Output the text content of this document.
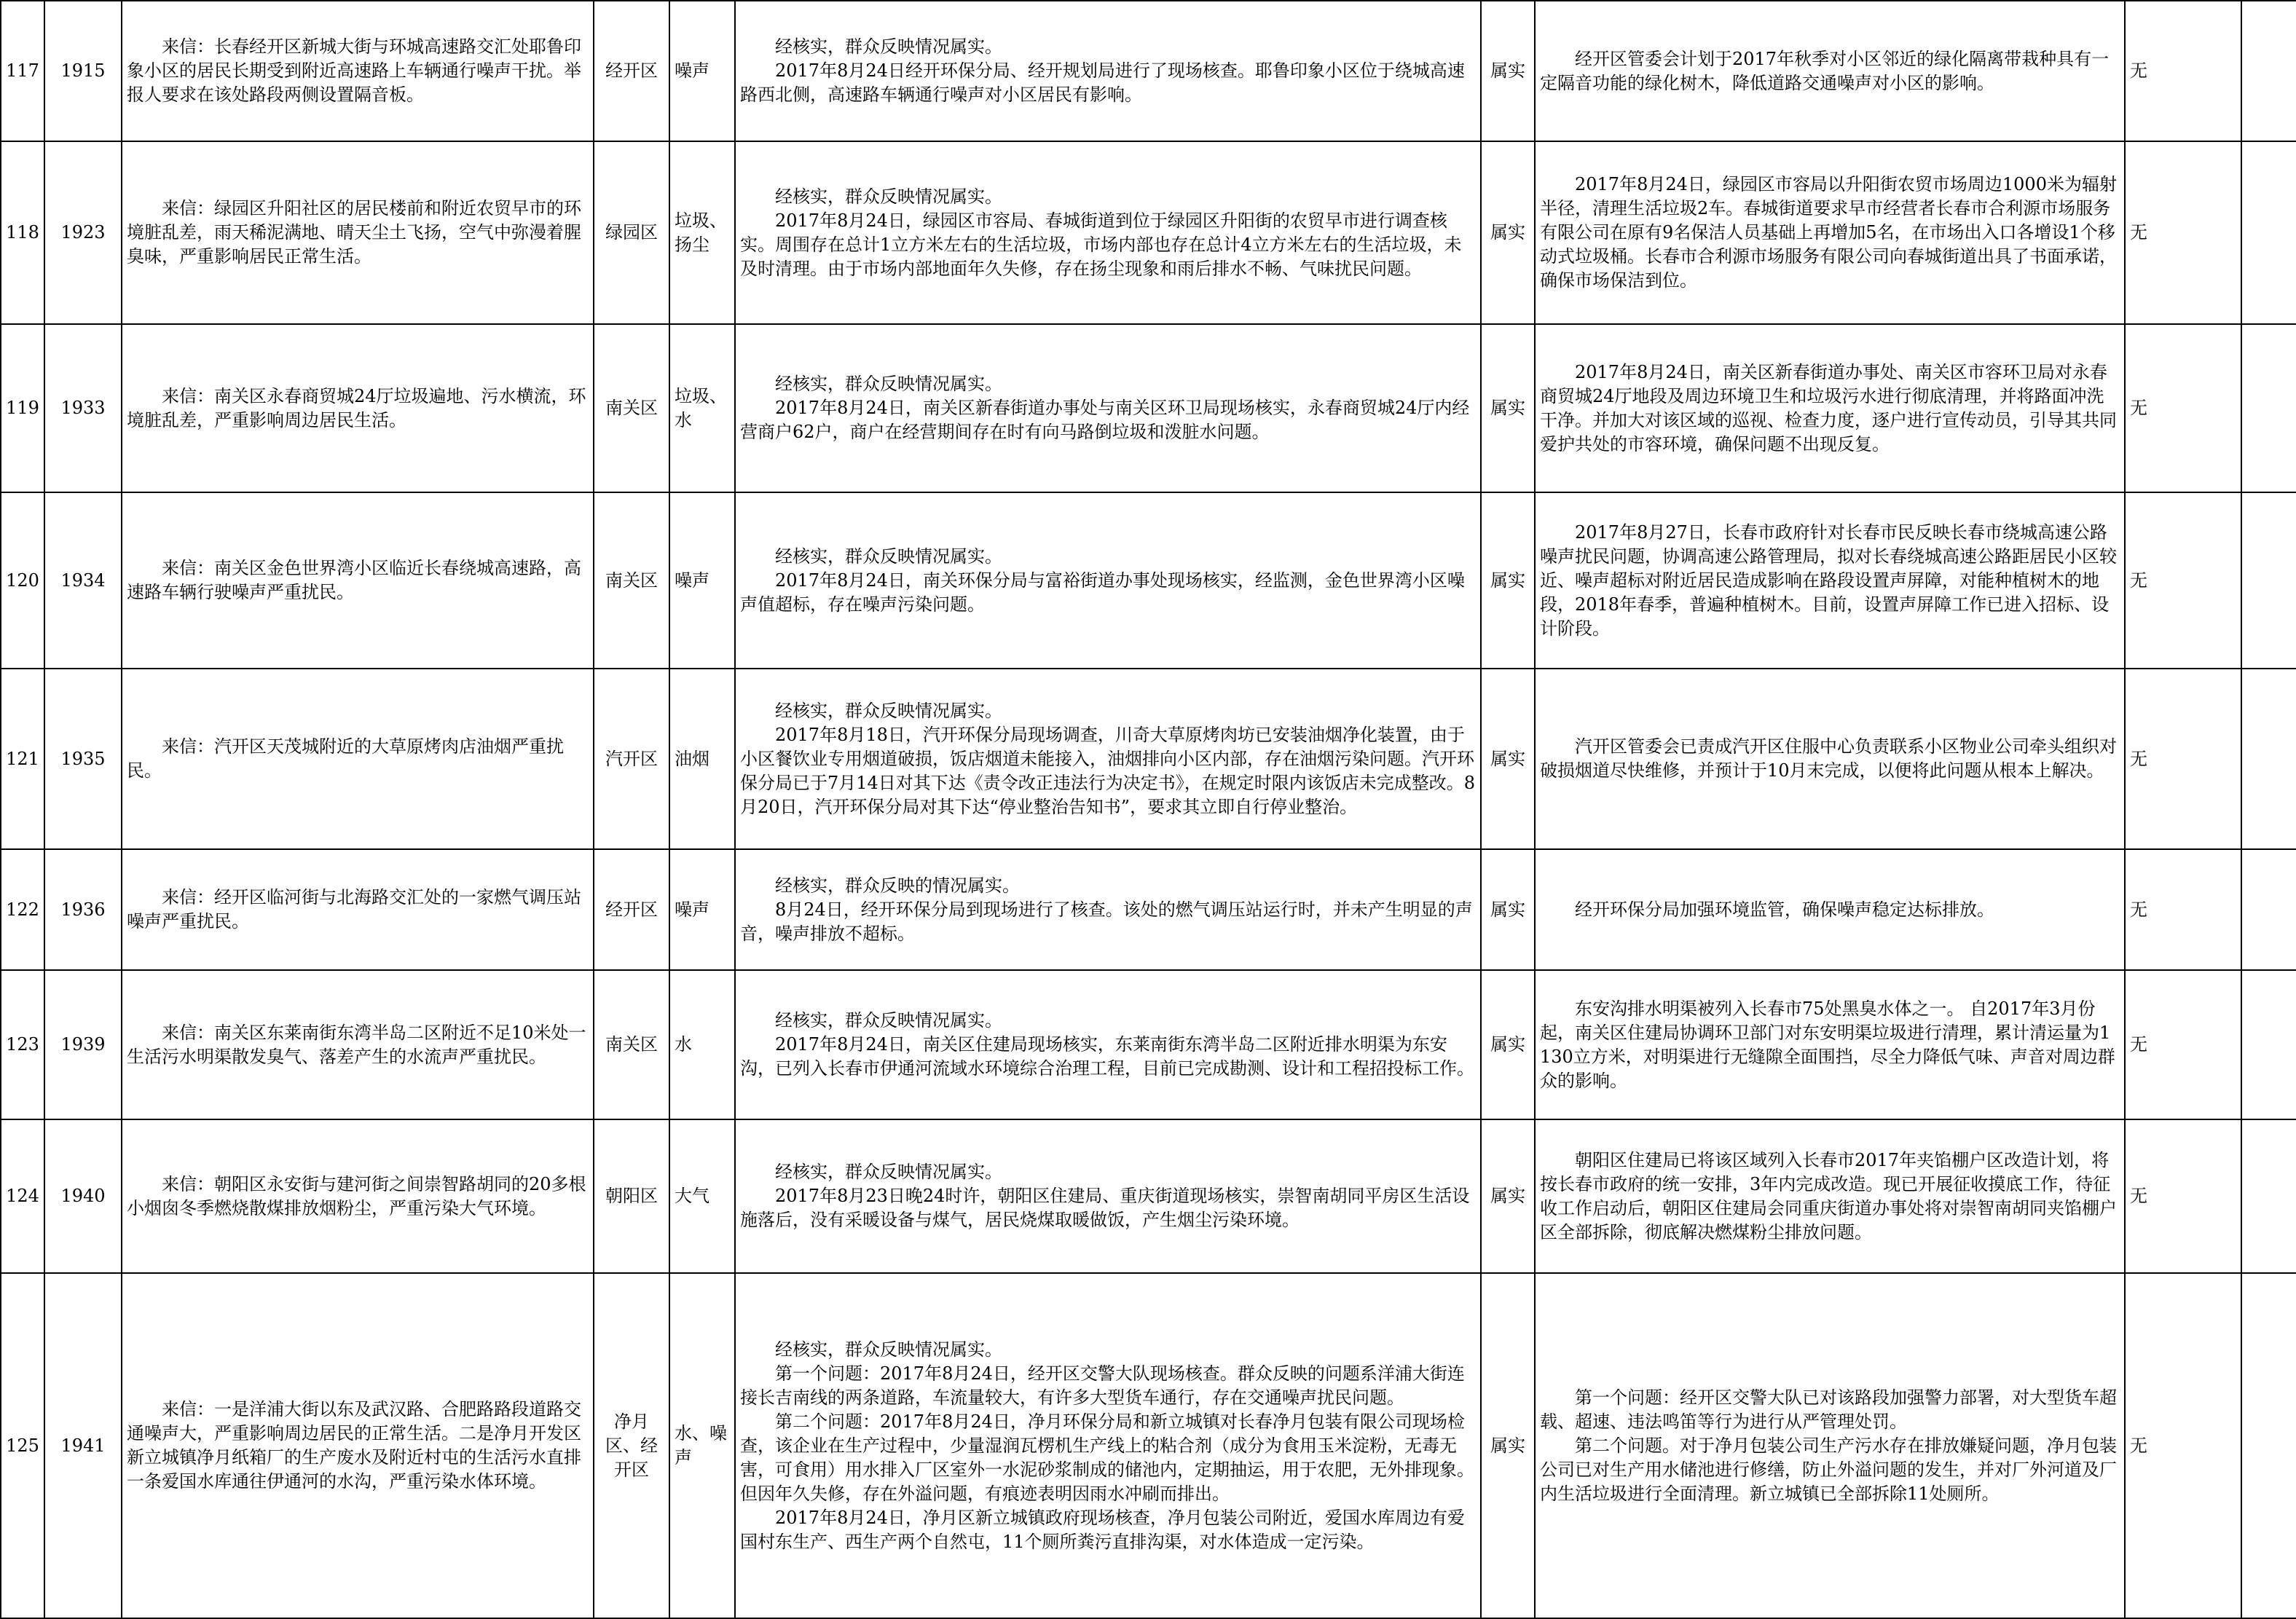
117	1915	来信：长春经开区新城大街与环城高速路交汇处耶鲁印象小区的居民长期受到附近高速路上车辆通行噪声干扰。举报人要求在该处路段两侧设置隔音板。	经开区	噪声	经核实，群众反映情况属实。
2017年8月24日经开环保分局、经开规划局进行了现场核查。耶鲁印象小区位于绕城高速路西北侧，高速路车辆通行噪声对小区居民有影响。	属实	经开区管委会计划于2017年秋季对小区邻近的绿化隔离带栽种具有一定隔音功能的绿化树木，降低道路交通噪声对小区的影响。	无	
118	1923	来信：绿园区升阳社区的居民楼前和附近农贸早市的环境脏乱差，雨天稀泥满地、晴天尘土飞扬，空气中弥漫着腥臭味，严重影响居民正常生活。	绿园区	垃圾、扬尘	经核实，群众反映情况属实。
2017年8月24日，绿园区市容局、春城街道到位于绿园区升阳街的农贸早市进行调查核实。周围存在总计1立方米左右的生活垃圾，市场内部也存在总计4立方米左右的生活垃圾，未及时清理。由于市场内部地面年久失修，存在扬尘现象和雨后排水不畅、气味扰民问题。	属实	2017年8月24日，绿园区市容局以升阳街农贸市场周边1000米为辐射半径，清理生活垃圾2车。春城街道要求早市经营者长春市合利源市场服务有限公司在原有9名保洁人员基础上再增加5名，在市场出入口各增设1个移动式垃圾桶。长春市合利源市场服务有限公司向春城街道出具了书面承诺，确保市场保洁到位。	无	
119	1933	来信：南关区永春商贸城24厅垃圾遍地、污水横流，环境脏乱差，严重影响周边居民生活。	南关区	垃圾、水	经核实，群众反映情况属实。
2017年8月24日，南关区新春街道办事处与南关区环卫局现场核实，永春商贸城24厅内经营商户62户，商户在经营期间存在时有向马路倒垃圾和泼脏水问题。	属实	2017年8月24日，南关区新春街道办事处、南关区市容环卫局对永春商贸城24厅地段及周边环境卫生和垃圾污水进行彻底清理，并将路面冲洗干净。并加大对该区域的巡视、检查力度，逐户进行宣传动员，引导其共同爱护共处的市容环境，确保问题不出现反复。	无	
120	1934	来信：南关区金色世界湾小区临近长春绕城高速路，高速路车辆行驶噪声严重扰民。	南关区	噪声	经核实，群众反映情况属实。
2017年8月24日，南关环保分局与富裕街道办事处现场核实，经监测，金色世界湾小区噪声值超标，存在噪声污染问题。	属实	2017年8月27日，长春市政府针对长春市民反映长春市绕城高速公路噪声扰民问题，协调高速公路管理局，拟对长春绕城高速公路距居民小区较近、噪声超标对附近居民造成影响在路段设置声屏障，对能种植树木的地段，2018年春季，普遍种植树木。目前，设置声屏障工作已进入招标、设计阶段。	无	
121	1935	来信：汽开区天茂城附近的大草原烤肉店油烟严重扰民。	汽开区	油烟	经核实，群众反映情况属实。
2017年8月18日，汽开环保分局现场调查，川奇大草原烤肉坊已安装油烟净化装置，由于小区餐饮业专用烟道破损，饭店烟道未能接入，油烟排向小区内部，存在油烟污染问题。汽开环保分局已于7月14日对其下达《责令改正违法行为决定书》，在规定时限内该饭店未完成整改。8月20日，汽开环保分局对其下达“停业整治告知书”，要求其立即自行停业整治。	属实	汽开区管委会已责成汽开区住服中心负责联系小区物业公司牵头组织对破损烟道尽快维修，并预计于10月末完成，以便将此问题从根本上解决。	无	
122	1936	来信：经开区临河街与北海路交汇处的一家燃气调压站噪声严重扰民。	经开区	噪声	经核实，群众反映的情况属实。
8月24日，经开环保分局到现场进行了核查。该处的燃气调压站运行时，并未产生明显的声音，噪声排放不超标。	属实	经开环保分局加强环境监管，确保噪声稳定达标排放。	无	
123	1939	来信：南关区东莱南街东湾半岛二区附近不足10米处一生活污水明渠散发臭气、落差产生的水流声严重扰民。	南关区	水	经核实，群众反映情况属实。
2017年8月24日，南关区住建局现场核实，东莱南街东湾半岛二区附近排水明渠为东安沟，已列入长春市伊通河流域水环境综合治理工程，目前已完成勘测、设计和工程招投标工作。	属实	东安沟排水明渠被列入长春市75处黑臭水体之一。 自2017年3月份起，南关区住建局协调环卫部门对东安明渠垃圾进行清理，累计清运量为1130立方米，对明渠进行无缝隙全面围挡，尽全力降低气味、声音对周边群众的影响。	无	
124	1940	来信：朝阳区永安街与建河街之间崇智路胡同的20多根小烟囱冬季燃烧散煤排放烟粉尘，严重污染大气环境。	朝阳区	大气	经核实，群众反映情况属实。
2017年8月23日晚24时许，朝阳区住建局、重庆街道现场核实，崇智南胡同平房区生活设施落后，没有采暖设备与煤气，居民烧煤取暖做饭，产生烟尘污染环境。	属实	朝阳区住建局已将该区域列入长春市2017年夹馅棚户区改造计划，将按长春市政府的统一安排，3年内完成改造。现已开展征收摸底工作，待征收工作启动后，朝阳区住建局会同重庆街道办事处将对崇智南胡同夹馅棚户区全部拆除，彻底解决燃煤粉尘排放问题。	无	
125	1941	来信：一是洋浦大街以东及武汉路、合肥路路段道路交通噪声大，严重影响周边居民的正常生活。二是净月开发区新立城镇净月纸箱厂的生产废水及附近村屯的生活污水直排一条爱国水库通往伊通河的水沟，严重污染水体环境。	净月区、经开区	水、噪声	经核实，群众反映情况属实。
第一个问题：2017年8月24日，经开区交警大队现场核查。群众反映的问题系洋浦大街连接长吉南线的两条道路，车流量较大，有许多大型货车通行，存在交通噪声扰民问题。
第二个问题：2017年8月24日，净月环保分局和新立城镇对长春净月包装有限公司现场检查，该企业在生产过程中，少量湿润瓦楞机生产线上的粘合剂（成分为食用玉米淀粉，无毒无害，可食用）用水排入厂区室外一水泥砂浆制成的储池内，定期抽运，用于农肥，无外排现象。但因年久失修，存在外溢问题，有痕迹表明因雨水冲刷而排出。
2017年8月24日，净月区新立城镇政府现场核查，净月包装公司附近，爱国水库周边有爱国村东生产、西生产两个自然屯，11个厕所粪污直排沟渠，对水体造成一定污染。	属实	第一个问题：经开区交警大队已对该路段加强警力部署，对大型货车超载、超速、违法鸣笛等行为进行从严管理处罚。
第二个问题。对于净月包装公司生产污水存在排放嫌疑问题，净月包装公司已对生产用水储池进行修缮，防止外溢问题的发生，并对厂外河道及厂内生活垃圾进行全面清理。新立城镇已全部拆除11处厕所。	无	
